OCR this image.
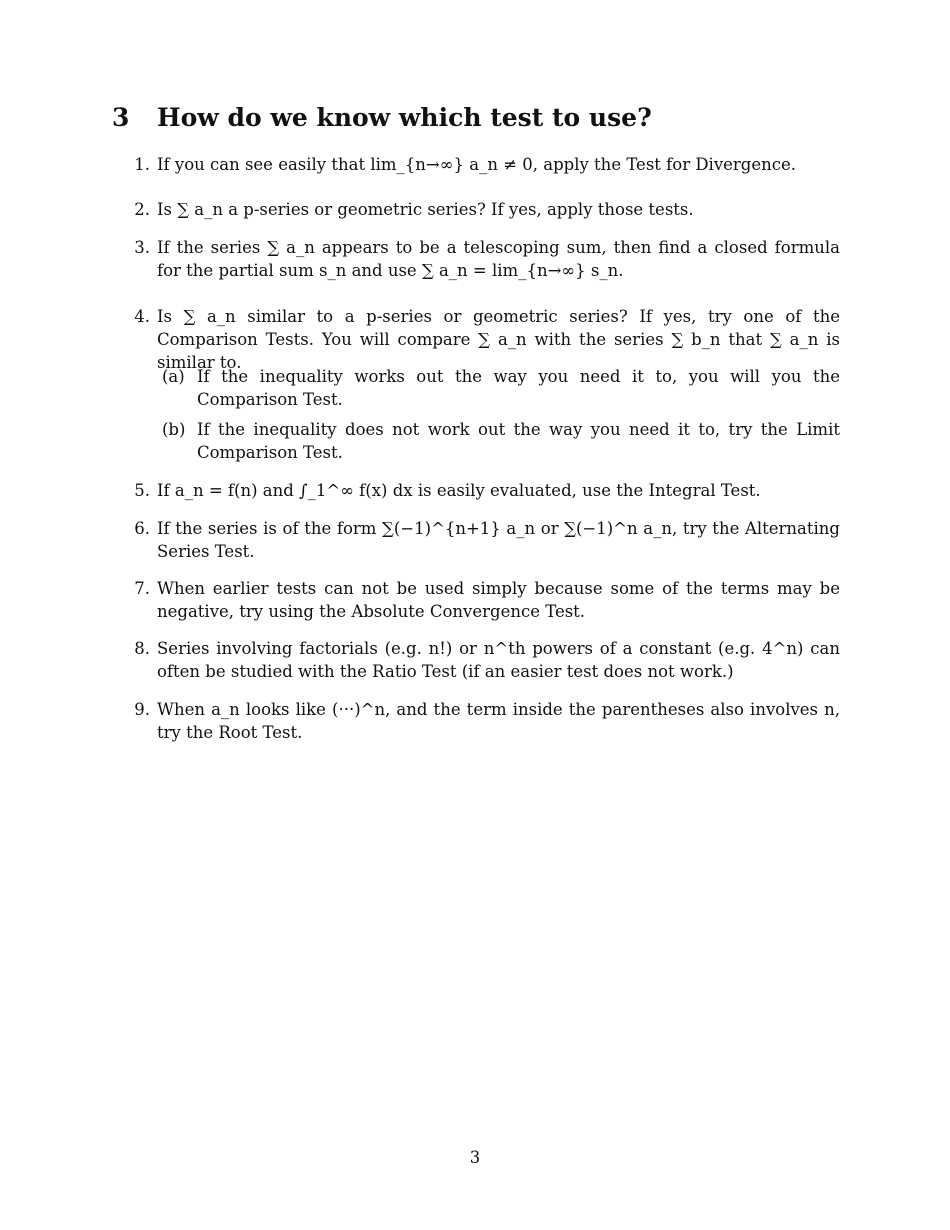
3 How do we know which test to use?
1. If you can see easily that lim_{n→∞} a_n ≠ 0, apply the Test for Divergence.
2. Is ∑ a_n a p-series or geometric series? If yes, apply those tests.
3. If the series ∑ a_n appears to be a telescoping sum, then find a closed formula for the partial sum s_n and use ∑ a_n = lim_{n→∞} s_n.
4. Is ∑ a_n similar to a p-series or geometric series? If yes, try one of the Comparison Tests. You will compare ∑ a_n with the series ∑ b_n that ∑ a_n is similar to.
(a) If the inequality works out the way you need it to, you will you the Comparison Test.
(b) If the inequality does not work out the way you need it to, try the Limit Comparison Test.
5. If a_n = f(n) and ∫_1^∞ f(x) dx is easily evaluated, use the Integral Test.
6. If the series is of the form ∑(−1)^{n+1} a_n or ∑(−1)^n a_n, try the Alternating Series Test.
7. When earlier tests can not be used simply because some of the terms may be negative, try using the Absolute Convergence Test.
8. Series involving factorials (e.g. n!) or n^th powers of a constant (e.g. 4^n) can often be studied with the Ratio Test (if an easier test does not work.)
9. When a_n looks like (···)^n, and the term inside the parentheses also involves n, try the Root Test.
3
